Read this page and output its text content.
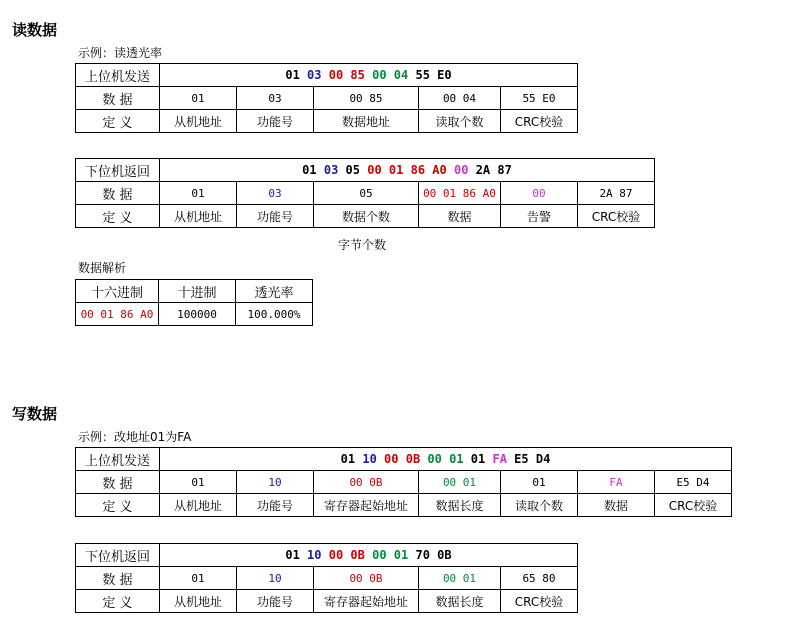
读数据
示例：读透光率
上位机发送	01 03 00 85 00 04 55 E0				
数 据	01	03	00 85	00 04	55 E0
定 义	从机地址	功能号	数据地址	读取个数	CRC校验
下位机返回	01 03 05 00 01 86 A0 00 2A 87					
数 据	01	03	05	00 01 86 A0	00	2A 87
定 义	从机地址	功能号	数据个数	数据	告警	CRC校验
字节个数
数据解析
十六进制	十进制	透光率
00 01 86 A0	100000	100.000%
写数据
示例：改地址01为FA
上位机发送	01 10 00 0B 00 01 01 FA E5 D4						
数 据	01	10	00 0B	00 01	01	FA	E5 D4
定 义	从机地址	功能号	寄存器起始地址	数据长度	读取个数	数据	CRC校验
下位机返回	01 10 00 0B 00 01 70 0B				
数 据	01	10	00 0B	00 01	65 80
定 义	从机地址	功能号	寄存器起始地址	数据长度	CRC校验
